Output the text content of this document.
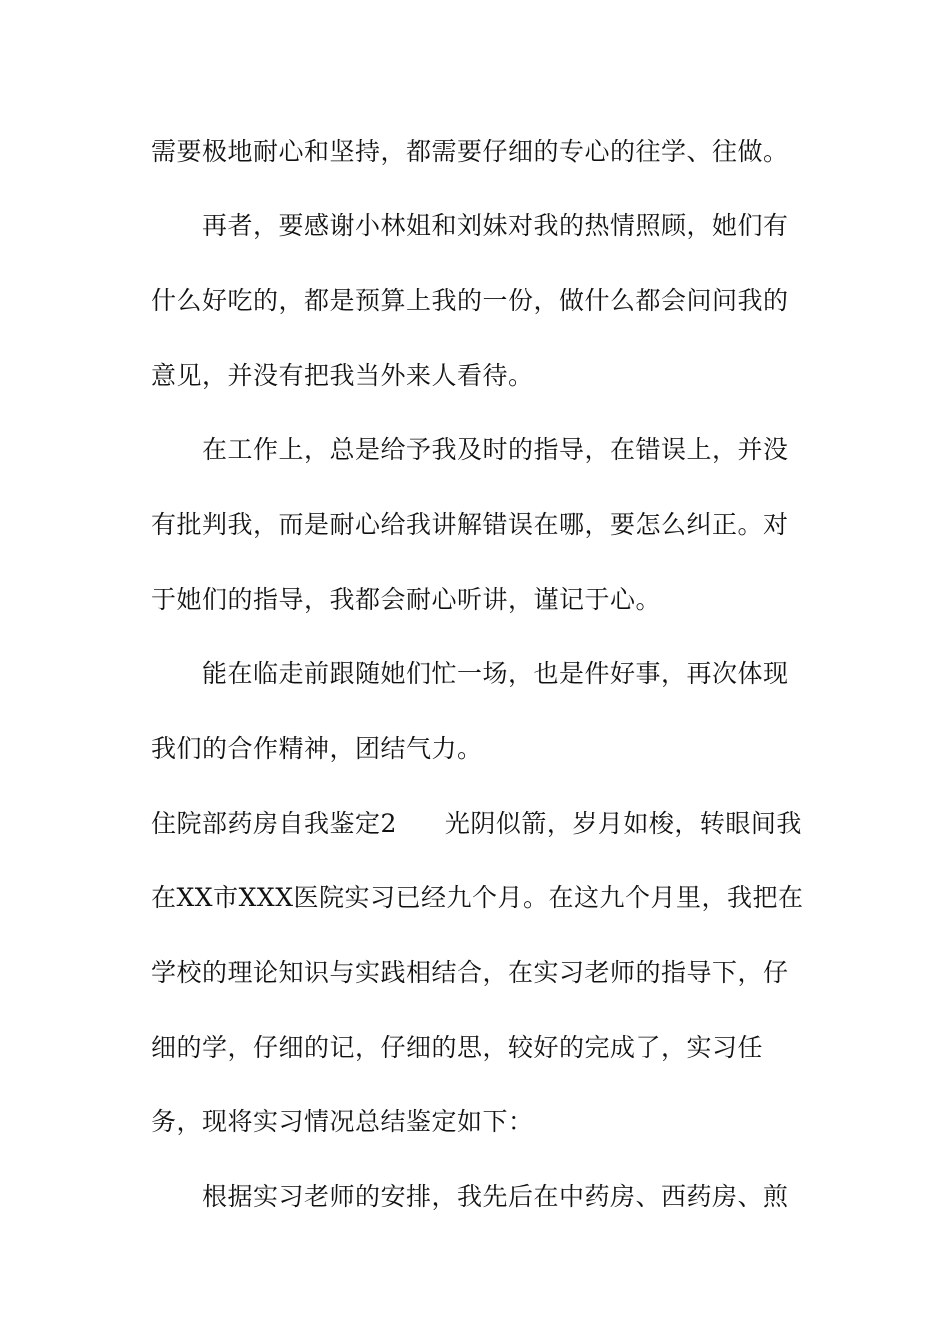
需要极地耐心和坚持，都需要仔细的专心的往学、往做。
再者，要感谢小林姐和刘妹对我的热情照顾，她们有
什么好吃的，都是预算上我的一份，做什么都会问问我的
意见，并没有把我当外来人看待。
在工作上，总是给予我及时的指导，在错误上，并没
有批判我，而是耐心给我讲解错误在哪，要怎么纠正。对
于她们的指导，我都会耐心听讲，谨记于心。
能在临走前跟随她们忙一场，也是件好事，再次体现
我们的合作精神，团结气力。
住院部药房自我鉴定2 光阴似箭，岁月如梭，转眼间我
在XX市XXX医院实习已经九个月。在这九个月里，我把在
学校的理论知识与实践相结合，在实习老师的指导下，仔
细的学，仔细的记，仔细的思，较好的完成了，实习任
务，现将实习情况总结鉴定如下：
根据实习老师的安排，我先后在中药房、西药房、煎
